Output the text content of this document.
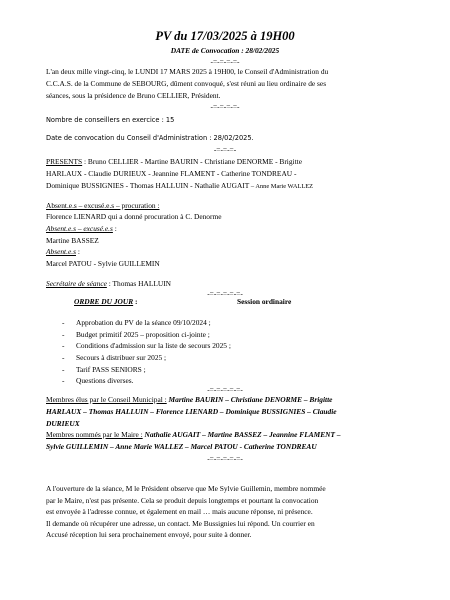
PV du 17/03/2025 à 19H00
DATE de Convocation : 28/02/2025
-=-=-=-=-
L'an deux mille vingt-cinq, le LUNDI 17 MARS 2025 à 19H00, le Conseil d'Administration du
C.C.A.S. de la Commune de SEBOURG, dûment convoqué, s'est réuni au lieu ordinaire de ses
séances, sous la présidence de Bruno CELLIER, Président.
-=-=-=-=-
Nombre de conseillers en exercice : 15
Date de convocation du Conseil d'Administration : 28/02/2025.
-=-=-=-
PRESENTS : Bruno CELLIER - Martine BAURIN - Christiane DENORME - Brigitte
HARLAUX - Claudie DURIEUX - Jeannine FLAMENT - Catherine TONDREAU -
Dominique BUSSIGNIES - Thomas HALLUIN - Nathalie AUGAIT – Anne Marie WALLEZ
Absent.e.s – excusé.e.s – procuration :
Florence LIENARD qui a donné procuration à C. Denorme
Absent.e.s – excusé.e.s :
Martine BASSEZ
Absent.e.s :
Marcel PATOU - Sylvie GUILLEMIN
Secrétaire de séance : Thomas HALLUIN
-=-=-=-=-=-
ORDRE DU JOUR :	Session ordinaire
- Approbation du PV de la séance 09/10/2024 ;
- Budget primitif 2025 – proposition ci-jointe ;
- Conditions d'admission sur la liste de secours 2025 ;
- Secours à distribuer sur 2025 ;
- Tarif PASS SENIORS ;
- Questions diverses.
-=-=-=-=-=-
Membres élus par le Conseil Municipal : Martine BAURIN – Christiane DENORME – Brigitte
HARLAUX – Thomas HALLUIN – Florence LIENARD – Dominique BUSSIGNIES – Claudie
DURIEUX
Membres nommés par le Maire : Nathalie AUGAIT – Martine BASSEZ – Jeannine FLAMENT –
Sylvie GUILLEMIN – Anne Marie WALLEZ – Marcel PATOU - Catherine TONDREAU
-=-=-=-=-=-
A l'ouverture de la séance, M le Président observe que Me Sylvie Guillemin, membre nommée
par le Maire, n'est pas présente. Cela se produit depuis longtemps et pourtant la convocation
est envoyée à l'adresse connue, et également en mail … mais aucune réponse, ni présence.
Il demande où récupérer une adresse, un contact. Me Bussignies lui répond. Un courrier en
Accusé réception lui sera prochainement envoyé, pour suite à donner.
